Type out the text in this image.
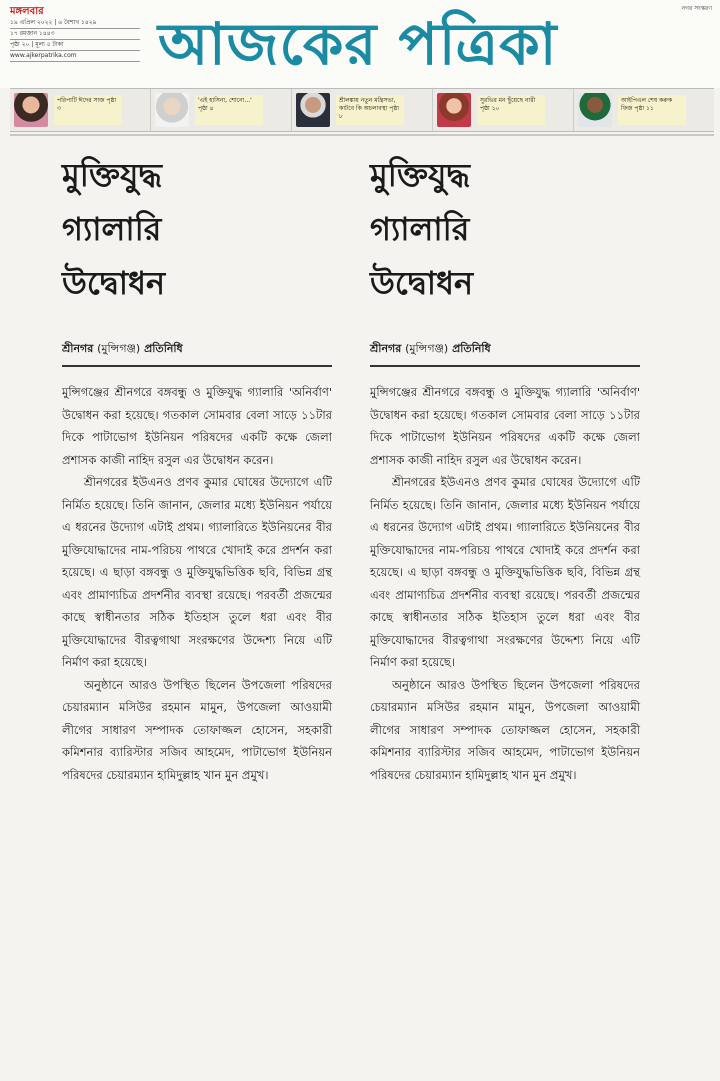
মঙ্গলবার	নগর সংস্করণ
১৯ এপ্রিল ২০২২ | ৬ বৈশাখ ১৪২৯
১৭ রমজান ১৪৪৩
পৃষ্ঠা ২০ | মূল্য ৫ টাকা
www.ajkerpatrika.com	আজকের পত্রিকা
পরিপাটি ঈদের সাজ পৃষ্ঠা ৩
'এই হাসিনা, শোনো...' পৃষ্ঠা ৪
শ্রীলঙ্কায় নতুন মন্ত্রিসভা, কাটবে কি অচলাবস্থা পৃষ্ঠা ৮
সুরভির মন ছুঁয়েছে নারী পৃষ্ঠা ১০
আইপিএল শেষ করুক ফিজ পৃষ্ঠা ১১
মুক্তিযুদ্ধ
গ্যালারি
উদ্বোধন
শ্রীনগর (মুন্সিগঞ্জ) প্রতিনিধি

মুন্সিগঞ্জের শ্রীনগরে বঙ্গবন্ধু ও মুক্তিযুদ্ধ গ্যালারি 'অনির্বাণ' উদ্বোধন করা হয়েছে। গতকাল সোমবার বেলা সাড়ে ১১টার দিকে পাটাভোগ ইউনিয়ন পরিষদের একটি কক্ষে জেলা প্রশাসক কাজী নাহিদ রসুল এর উদ্বোধন করেন।

শ্রীনগরের ইউএনও প্রণব কুমার ঘোষের উদ্যোগে এটি নির্মিত হয়েছে। তিনি জানান, জেলার মধ্যে ইউনিয়ন পর্যায়ে এ ধরনের উদ্যোগ এটাই প্রথম। গ্যালারিতে ইউনিয়নের বীর মুক্তিযোদ্ধাদের নাম-পরিচয় পাথরে খোদাই করে প্রদর্শন করা হয়েছে। এ ছাড়া বঙ্গবন্ধু ও মুক্তিযুদ্ধভিত্তিক ছবি, বিভিন্ন গ্রন্থ এবং প্রামাণ্যচিত্র প্রদর্শনীর ব্যবস্থা রয়েছে। পরবর্তী প্রজন্মের কাছে স্বাধীনতার সঠিক ইতিহাস তুলে ধরা এবং বীর মুক্তিযোদ্ধাদের বীরত্বগাথা সংরক্ষণের উদ্দেশ্য নিয়ে এটি নির্মাণ করা হয়েছে।

অনুষ্ঠানে আরও উপস্থিত ছিলেন উপজেলা পরিষদের চেয়ারম্যান মসিউর রহমান মামুন, উপজেলা আওয়ামী লীগের সাধারণ সম্পাদক তোফাজ্জল হোসেন, সহকারী কমিশনার ব্যারিস্টার সজিব আহমেদ, পাটাভোগ ইউনিয়ন পরিষদের চেয়ারম্যান হামিদুল্লাহ খান মুন প্রমুখ।

মুক্তিযুদ্ধ
গ্যালারি
উদ্বোধন
শ্রীনগর (মুন্সিগঞ্জ) প্রতিনিধি

মুন্সিগঞ্জের শ্রীনগরে বঙ্গবন্ধু ও মুক্তিযুদ্ধ গ্যালারি 'অনির্বাণ' উদ্বোধন করা হয়েছে। গতকাল সোমবার বেলা সাড়ে ১১টার দিকে পাটাভোগ ইউনিয়ন পরিষদের একটি কক্ষে জেলা প্রশাসক কাজী নাহিদ রসুল এর উদ্বোধন করেন।

শ্রীনগরের ইউএনও প্রণব কুমার ঘোষের উদ্যোগে এটি নির্মিত হয়েছে। তিনি জানান, জেলার মধ্যে ইউনিয়ন পর্যায়ে এ ধরনের উদ্যোগ এটাই প্রথম। গ্যালারিতে ইউনিয়নের বীর মুক্তিযোদ্ধাদের নাম-পরিচয় পাথরে খোদাই করে প্রদর্শন করা হয়েছে। এ ছাড়া বঙ্গবন্ধু ও মুক্তিযুদ্ধভিত্তিক ছবি, বিভিন্ন গ্রন্থ এবং প্রামাণ্যচিত্র প্রদর্শনীর ব্যবস্থা রয়েছে। পরবর্তী প্রজন্মের কাছে স্বাধীনতার সঠিক ইতিহাস তুলে ধরা এবং বীর মুক্তিযোদ্ধাদের বীরত্বগাথা সংরক্ষণের উদ্দেশ্য নিয়ে এটি নির্মাণ করা হয়েছে।

অনুষ্ঠানে আরও উপস্থিত ছিলেন উপজেলা পরিষদের চেয়ারম্যান মসিউর রহমান মামুন, উপজেলা আওয়ামী লীগের সাধারণ সম্পাদক তোফাজ্জল হোসেন, সহকারী কমিশনার ব্যারিস্টার সজিব আহমেদ, পাটাভোগ ইউনিয়ন পরিষদের চেয়ারম্যান হামিদুল্লাহ খান মুন প্রমুখ।
